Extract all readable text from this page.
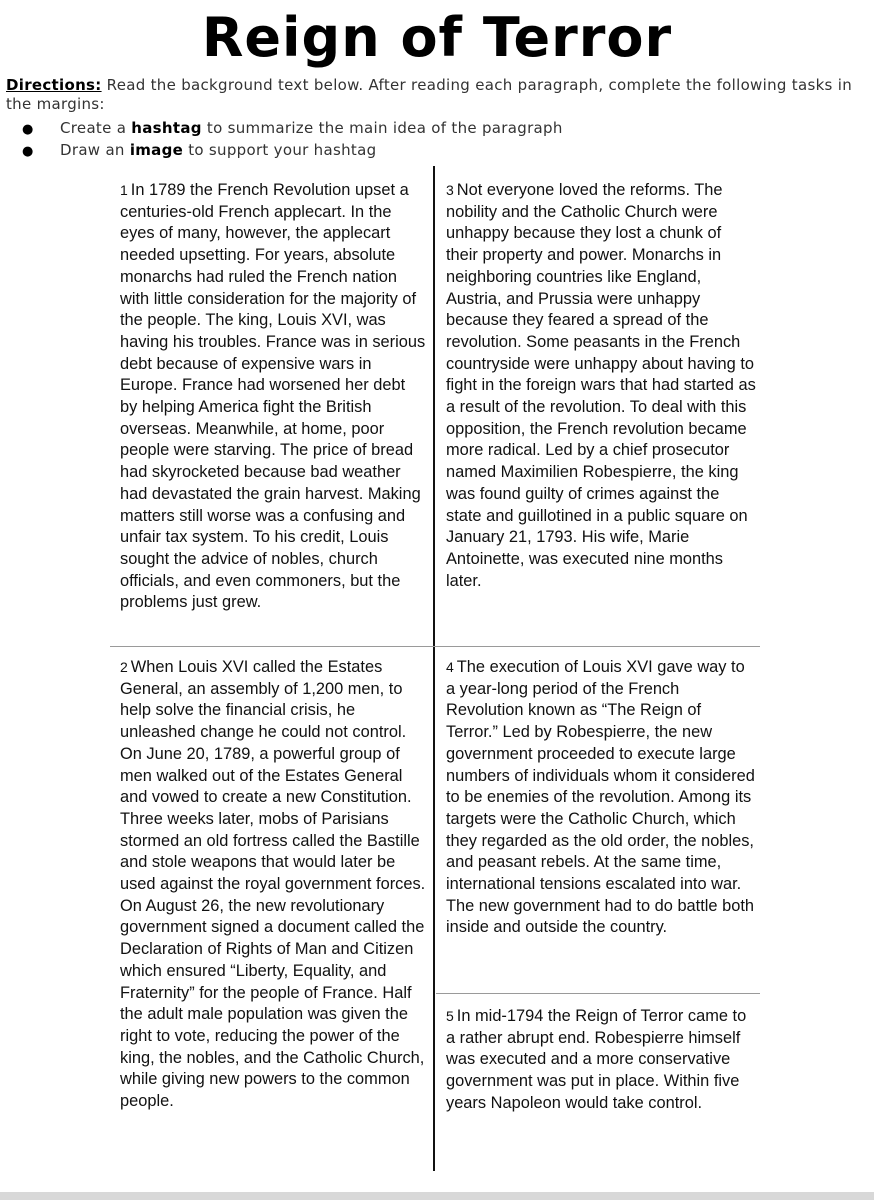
Reign of Terror
Directions: Read the background text below. After reading each paragraph, complete the following tasks in the margins:
●	Create a hashtag to summarize the main idea of the paragraph
●	Draw an image to support your hashtag
1 In 1789 the French Revolution upset a centuries-old French applecart. In the eyes of many, however, the applecart needed upsetting. For years, absolute monarchs had ruled the French nation with little consideration for the majority of the people. The king, Louis XVI, was having his troubles. France was in serious debt because of expensive wars in Europe. France had worsened her debt by helping America fight the British overseas. Meanwhile, at home, poor people were starving. The price of bread had skyrocketed because bad weather had devastated the grain harvest. Making matters still worse was a confusing and unfair tax system. To his credit, Louis sought the advice of nobles, church officials, and even commoners, but the problems just grew.
2 When Louis XVI called the Estates General, an assembly of 1,200 men, to help solve the financial crisis, he unleashed change he could not control. On June 20, 1789, a powerful group of men walked out of the Estates General and vowed to create a new Constitution. Three weeks later, mobs of Parisians stormed an old fortress called the Bastille and stole weapons that would later be used against the royal government forces. On August 26, the new revolutionary government signed a document called the Declaration of Rights of Man and Citizen which ensured “Liberty, Equality, and Fraternity” for the people of France. Half the adult male population was given the right to vote, reducing the power of the king, the nobles, and the Catholic Church, while giving new powers to the common people.
3 Not everyone loved the reforms. The nobility and the Catholic Church were unhappy because they lost a chunk of their property and power. Monarchs in neighboring countries like England, Austria, and Prussia were unhappy because they feared a spread of the revolution. Some peasants in the French countryside were unhappy about having to fight in the foreign wars that had started as a result of the revolution. To deal with this opposition, the French revolution became more radical. Led by a chief prosecutor named Maximilien Robespierre, the king was found guilty of crimes against the state and guillotined in a public square on January 21, 1793. His wife, Marie Antoinette, was executed nine months later.
4 The execution of Louis XVI gave way to a year-long period of the French Revolution known as “The Reign of Terror.” Led by Robespierre, the new government proceeded to execute large numbers of individuals whom it considered to be enemies of the revolution. Among its targets were the Catholic Church, which they regarded as the old order, the nobles, and peasant rebels. At the same time, international tensions escalated into war. The new government had to do battle both inside and outside the country.
5 In mid-1794 the Reign of Terror came to a rather abrupt end. Robespierre himself was executed and a more conservative government was put in place. Within five years Napoleon would take control.
